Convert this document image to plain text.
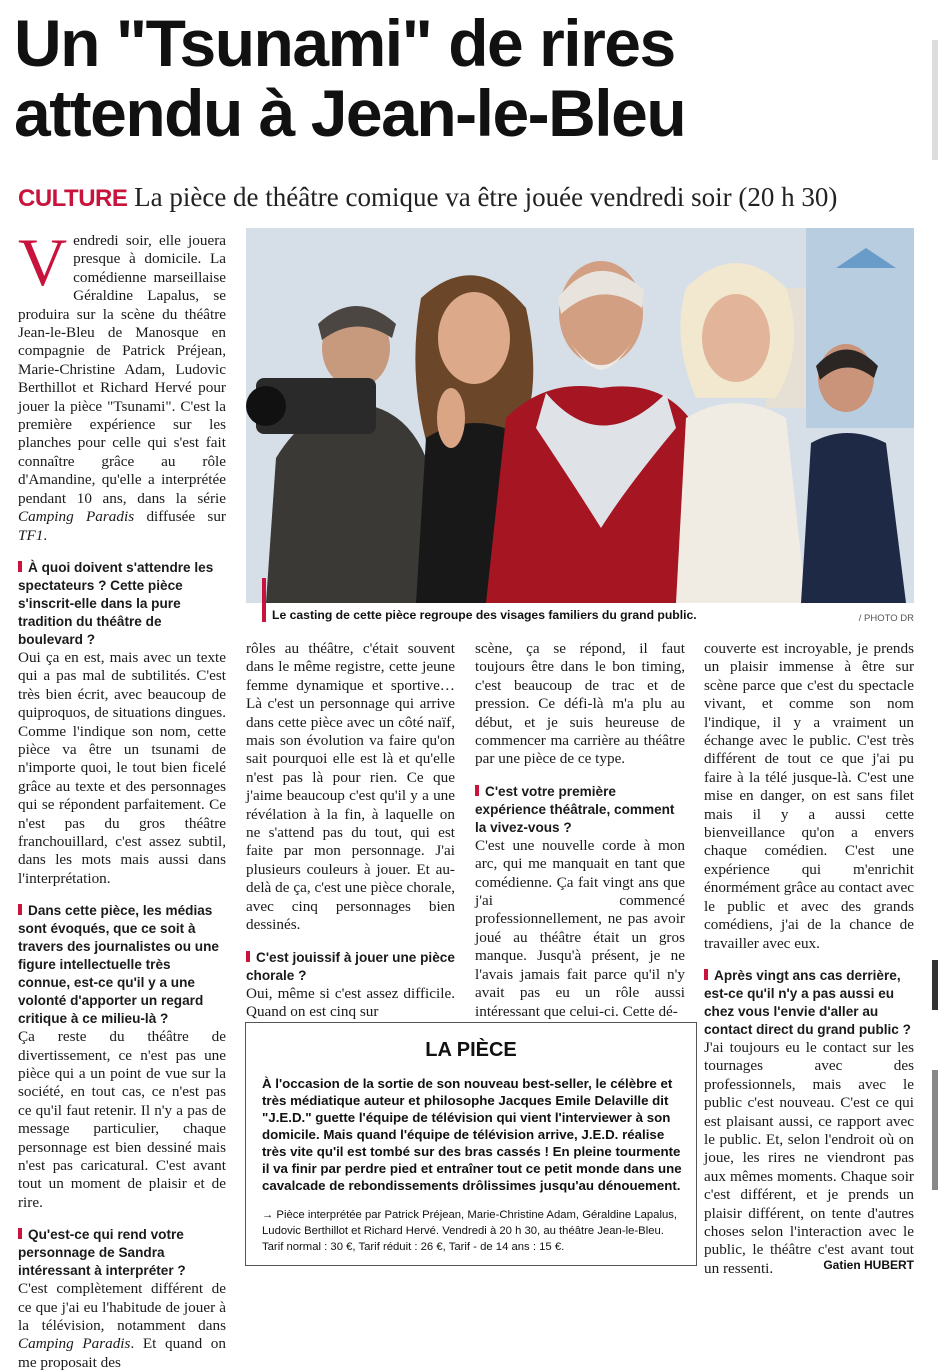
Un "Tsunami" de rires
attendu à Jean-le-Bleu
CULTURE La pièce de théâtre comique va être jouée vendredi soir (20 h 30)

Vendredi soir, elle jouera presque à domicile. La comédienne marseillaise Géraldine Lapalus, se produira sur la scène du théâtre Jean-le-Bleu de Manosque en compagnie de Patrick Préjean, Marie-Christine Adam, Ludovic Berthillot et Richard Hervé pour jouer la pièce "Tsunami". C'est la première expérience sur les planches pour celle qui s'est fait connaître grâce au rôle d'Amandine, qu'elle a interprétée pendant 10 ans, dans la série Camping Paradis diffusée sur TF1.

À quoi doivent s'attendre les spectateurs ? Cette pièce s'inscrit-elle dans la pure tradition du théâtre de boulevard ?

Oui ça en est, mais avec un texte qui a pas mal de subtilités. C'est très bien écrit, avec beaucoup de quiproquos, de situations dingues. Comme l'indique son nom, cette pièce va être un tsunami de n'importe quoi, le tout bien ficelé grâce au texte et des personnages qui se répondent parfaitement. Ce n'est pas du gros théâtre franchouillard, c'est assez subtil, dans les mots mais aussi dans l'interprétation.

Dans cette pièce, les médias sont évoqués, que ce soit à travers des journalistes ou une figure intellectuelle très connue, est-ce qu'il y a une volonté d'apporter un regard critique à ce milieu-là ?

Ça reste du théâtre de divertissement, ce n'est pas une pièce qui a un point de vue sur la société, en tout cas, ce n'est pas ce qu'il faut retenir. Il n'y a pas de message particulier, chaque personnage est bien dessiné mais n'est pas caricatural. C'est avant tout un moment de plaisir et de rire.

Qu'est-ce qui rend votre personnage de Sandra intéressant à interpréter ?

C'est complètement différent de ce que j'ai eu l'habitude de jouer à la télévision, notamment dans Camping Paradis. Et quand on me proposait des

Le casting de cette pièce regroupe des visages familiers du grand public.	/ PHOTO DR

rôles au théâtre, c'était souvent dans le même registre, cette jeune femme dynamique et sportive… Là c'est un personnage qui arrive dans cette pièce avec un côté naïf, mais son évolution va faire qu'on sait pourquoi elle est là et qu'elle n'est pas là pour rien. Ce que j'aime beaucoup c'est qu'il y a une révélation à la fin, à laquelle on ne s'attend pas du tout, qui est faite par mon personnage. J'ai plusieurs couleurs à jouer. Et au-delà de ça, c'est une pièce chorale, avec cinq personnages bien dessinés.

C'est jouissif à jouer une pièce chorale ?

Oui, même si c'est assez difficile. Quand on est cinq sur

scène, ça se répond, il faut toujours être dans le bon timing, c'est beaucoup de trac et de pression. Ce défi-là m'a plu au début, et je suis heureuse de commencer ma carrière au théâtre par une pièce de ce type.

C'est votre première expérience théâtrale, comment la vivez-vous ?

C'est une nouvelle corde à mon arc, qui me manquait en tant que comédienne. Ça fait vingt ans que j'ai commencé professionnellement, ne pas avoir joué au théâtre était un gros manque. Jusqu'à présent, je ne l'avais jamais fait parce qu'il n'y avait pas eu un rôle aussi intéressant que celui-ci. Cette dé-

couverte est incroyable, je prends un plaisir immense à être sur scène parce que c'est du spectacle vivant, et comme son nom l'indique, il y a vraiment un échange avec le public. C'est très différent de tout ce que j'ai pu faire à la télé jusque-là. C'est une mise en danger, on est sans filet mais il y a aussi cette bienveillance qu'on a envers chaque comédien. C'est une expérience qui m'enrichit énormément grâce au contact avec le public et avec des grands comédiens, j'ai de la chance de travailler avec eux.

Après vingt ans cas derrière, est-ce qu'il n'y a pas aussi eu chez vous l'envie d'aller au contact direct du grand public ?

J'ai toujours eu le contact sur les tournages avec des professionnels, mais avec le public c'est nouveau. C'est ce qui est plaisant aussi, ce rapport avec le public. Et, selon l'endroit où on joue, les rires ne viendront pas aux mêmes moments. Chaque soir c'est différent, et je prends un plaisir différent, on tente d'autres choses selon l'interaction avec le public, le théâtre c'est avant tout un ressenti.	Gatien HUBERT
LA PIÈCE
À l'occasion de la sortie de son nouveau best-seller, le célèbre et très médiatique auteur et philosophe Jacques Emile Delaville dit "J.E.D." guette l'équipe de télévision qui vient l'interviewer à son domicile. Mais quand l'équipe de télévision arrive, J.E.D. réalise très vite qu'il est tombé sur des bras cassés ! En pleine tourmente il va finir par perdre pied et entraîner tout ce petit monde dans une cavalcade de rebondissements drôlissimes jusqu'au dénouement.
→ Pièce interprétée par Patrick Préjean, Marie-Christine Adam, Géraldine Lapalus, Ludovic Berthillot et Richard Hervé. Vendredi à 20 h 30, au théâtre Jean-le-Bleu. Tarif normal : 30 €, Tarif réduit : 26 €, Tarif - de 14 ans : 15 €.
